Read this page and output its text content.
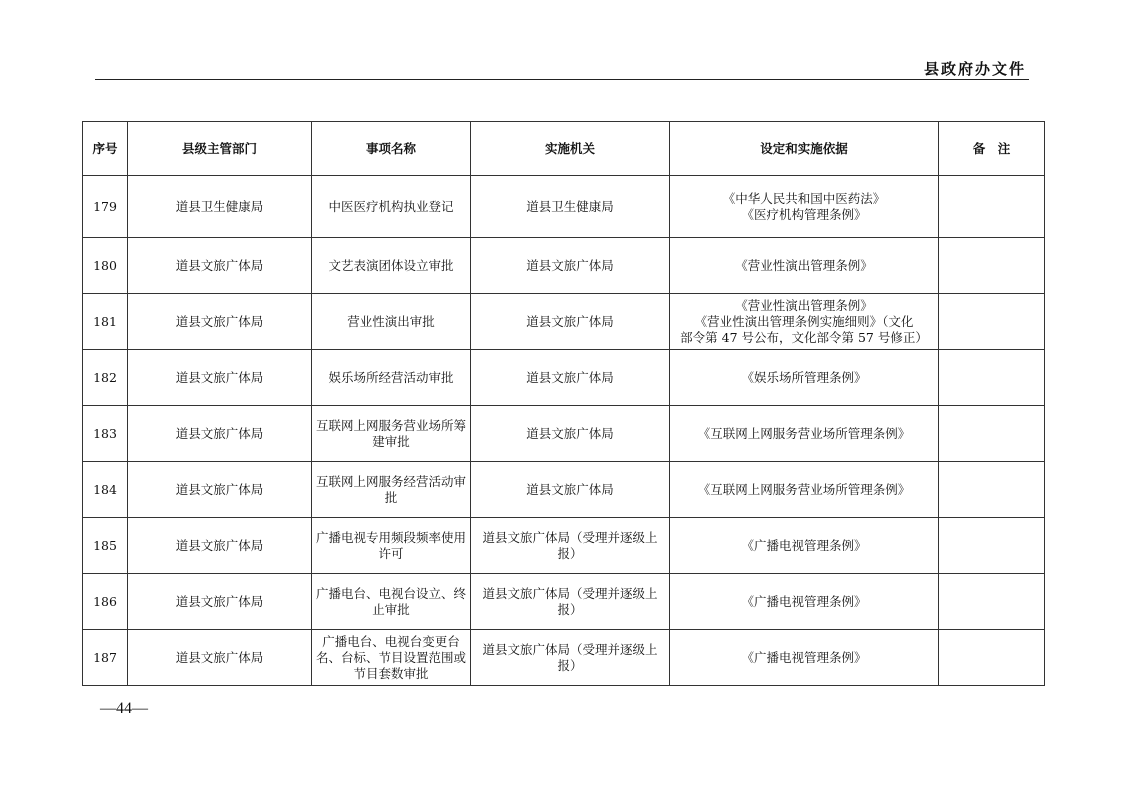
县政府办文件
序号	县级主管部门	事项名称	实施机关	设定和实施依据	备　注
179	道县卫生健康局	中医医疗机构执业登记	道县卫生健康局	《中华人民共和国中医药法》
《医疗机构管理条例》	

180	道县文旅广体局	文艺表演团体设立审批	道县文旅广体局	《营业性演出管理条例》	

181	道县文旅广体局	营业性演出审批	道县文旅广体局	《营业性演出管理条例》
《营业性演出管理条例实施细则》（文化
部令第 47 号公布，文化部令第 57 号修正）	

182	道县文旅广体局	娱乐场所经营活动审批	道县文旅广体局	《娱乐场所管理条例》	

183	道县文旅广体局	互联网上网服务营业场所筹建审批	道县文旅广体局	《互联网上网服务营业场所管理条例》	

184	道县文旅广体局	互联网上网服务经营活动审批	道县文旅广体局	《互联网上网服务营业场所管理条例》	

185	道县文旅广体局	广播电视专用频段频率使用许可	道县文旅广体局（受理并逐级上报）	《广播电视管理条例》	

186	道县文旅广体局	广播电台、电视台设立、终止审批	道县文旅广体局（受理并逐级上报）	《广播电视管理条例》	

187	道县文旅广体局	广播电台、电视台变更台名、台标、节目设置范围或节目套数审批	道县文旅广体局（受理并逐级上报）	《广播电视管理条例》	

—44—
